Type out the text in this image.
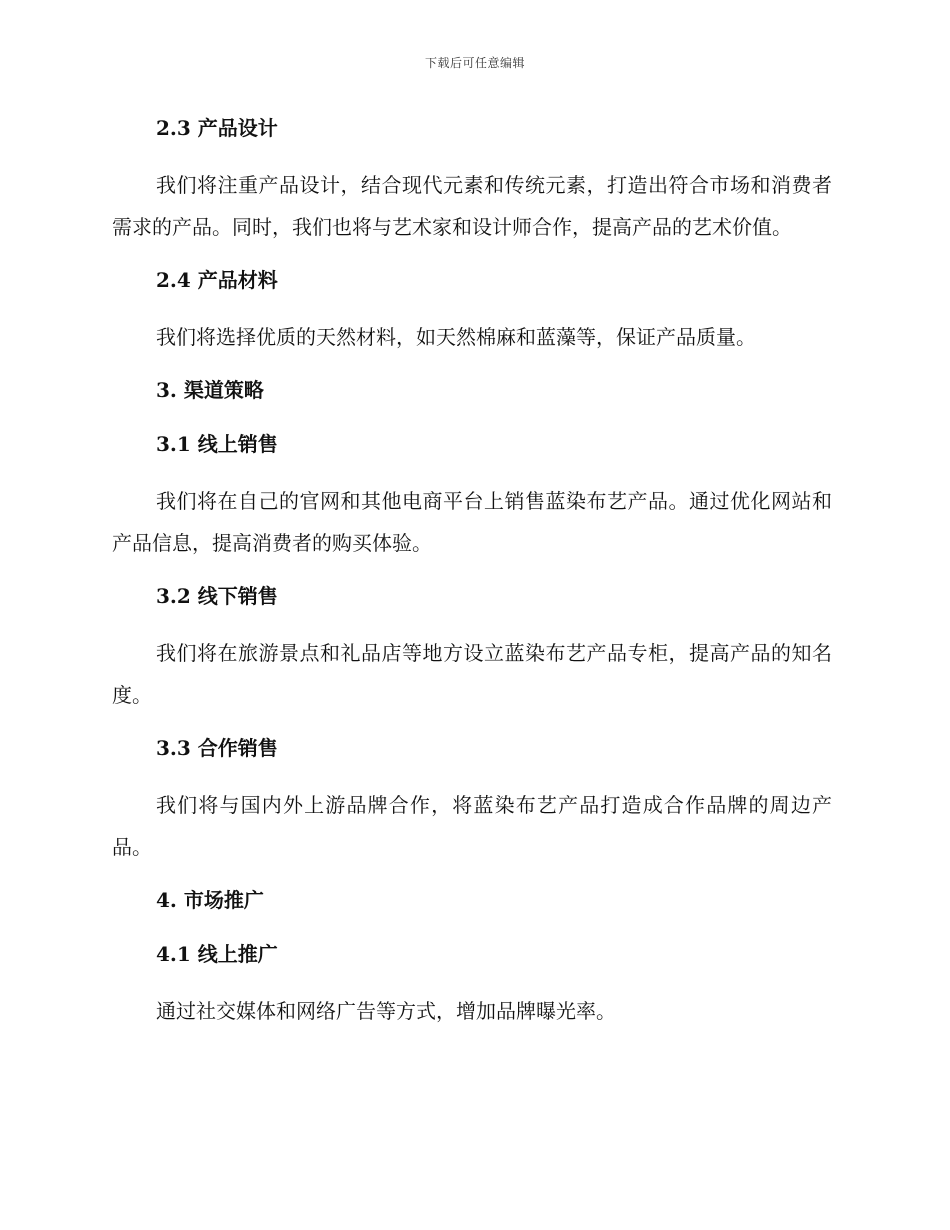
下载后可任意编辑
2.3 产品设计

我们将注重产品设计，结合现代元素和传统元素，打造出符合市场和消费者需求的产品。同时，我们也将与艺术家和设计师合作，提高产品的艺术价值。

2.4 产品材料

我们将选择优质的天然材料，如天然棉麻和蓝藻等，保证产品质量。

3. 渠道策略
3.1 线上销售

我们将在自己的官网和其他电商平台上销售蓝染布艺产品。通过优化网站和产品信息，提高消费者的购买体验。

3.2 线下销售

我们将在旅游景点和礼品店等地方设立蓝染布艺产品专柜，提高产品的知名度。

3.3 合作销售

我们将与国内外上游品牌合作，将蓝染布艺产品打造成合作品牌的周边产品。

4. 市场推广
4.1 线上推广

通过社交媒体和网络广告等方式，增加品牌曝光率。
